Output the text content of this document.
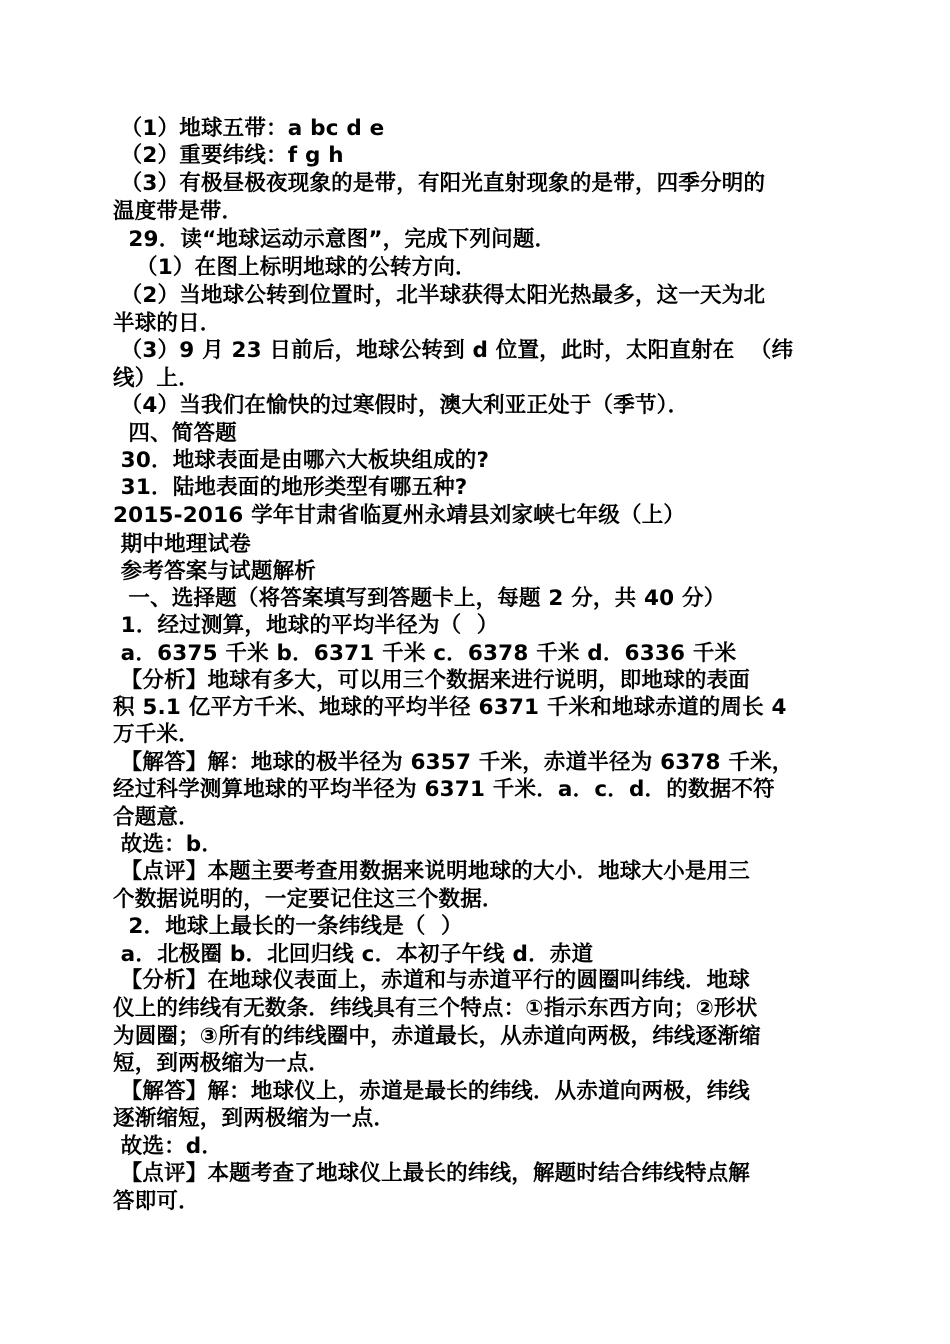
（1）地球五带：a bc d e
（2）重要纬线：f g h
（3）有极昼极夜现象的是带，有阳光直射现象的是带，四季分明的
温度带是带．
29．读“地球运动示意图”，完成下列问题．
（1）在图上标明地球的公转方向．
（2）当地球公转到位置时，北半球获得太阳光热最多，这一天为北
半球的日．
（3）9 月 23 日前后，地球公转到 d 位置，此时，太阳直射在  （纬
线）上．
（4）当我们在愉快的过寒假时，澳大利亚正处于（季节）．
四、简答题
30．地球表面是由哪六大板块组成的?
31．陆地表面的地形类型有哪五种?
2015-2016 学年甘肃省临夏州永靖县刘家峡七年级（上）
期中地理试卷
参考答案与试题解析
一、选择题（将答案填写到答题卡上，每题 2 分，共 40 分）
1．经过测算，地球的平均半径为（  ）
a．6375 千米 b．6371 千米 c．6378 千米 d．6336 千米
【分析】地球有多大，可以用三个数据来进行说明，即地球的表面
积 5.1 亿平方千米、地球的平均半径 6371 千米和地球赤道的周长 4
万千米．
【解答】解：地球的极半径为 6357 千米，赤道半径为 6378 千米，
经过科学测算地球的平均半径为 6371 千米．a．c．d．的数据不符
合题意．
故选：b．
【点评】本题主要考查用数据来说明地球的大小．地球大小是用三
个数据说明的，一定要记住这三个数据．
2．地球上最长的一条纬线是（  ）
a．北极圈 b．北回归线 c．本初子午线 d．赤道
【分析】在地球仪表面上，赤道和与赤道平行的圆圈叫纬线．地球
仪上的纬线有无数条．纬线具有三个特点：①指示东西方向；②形状
为圆圈；③所有的纬线圈中，赤道最长，从赤道向两极，纬线逐渐缩
短，到两极缩为一点．
【解答】解：地球仪上，赤道是最长的纬线．从赤道向两极，纬线
逐渐缩短，到两极缩为一点．
故选：d．
【点评】本题考查了地球仪上最长的纬线，解题时结合纬线特点解
答即可．
